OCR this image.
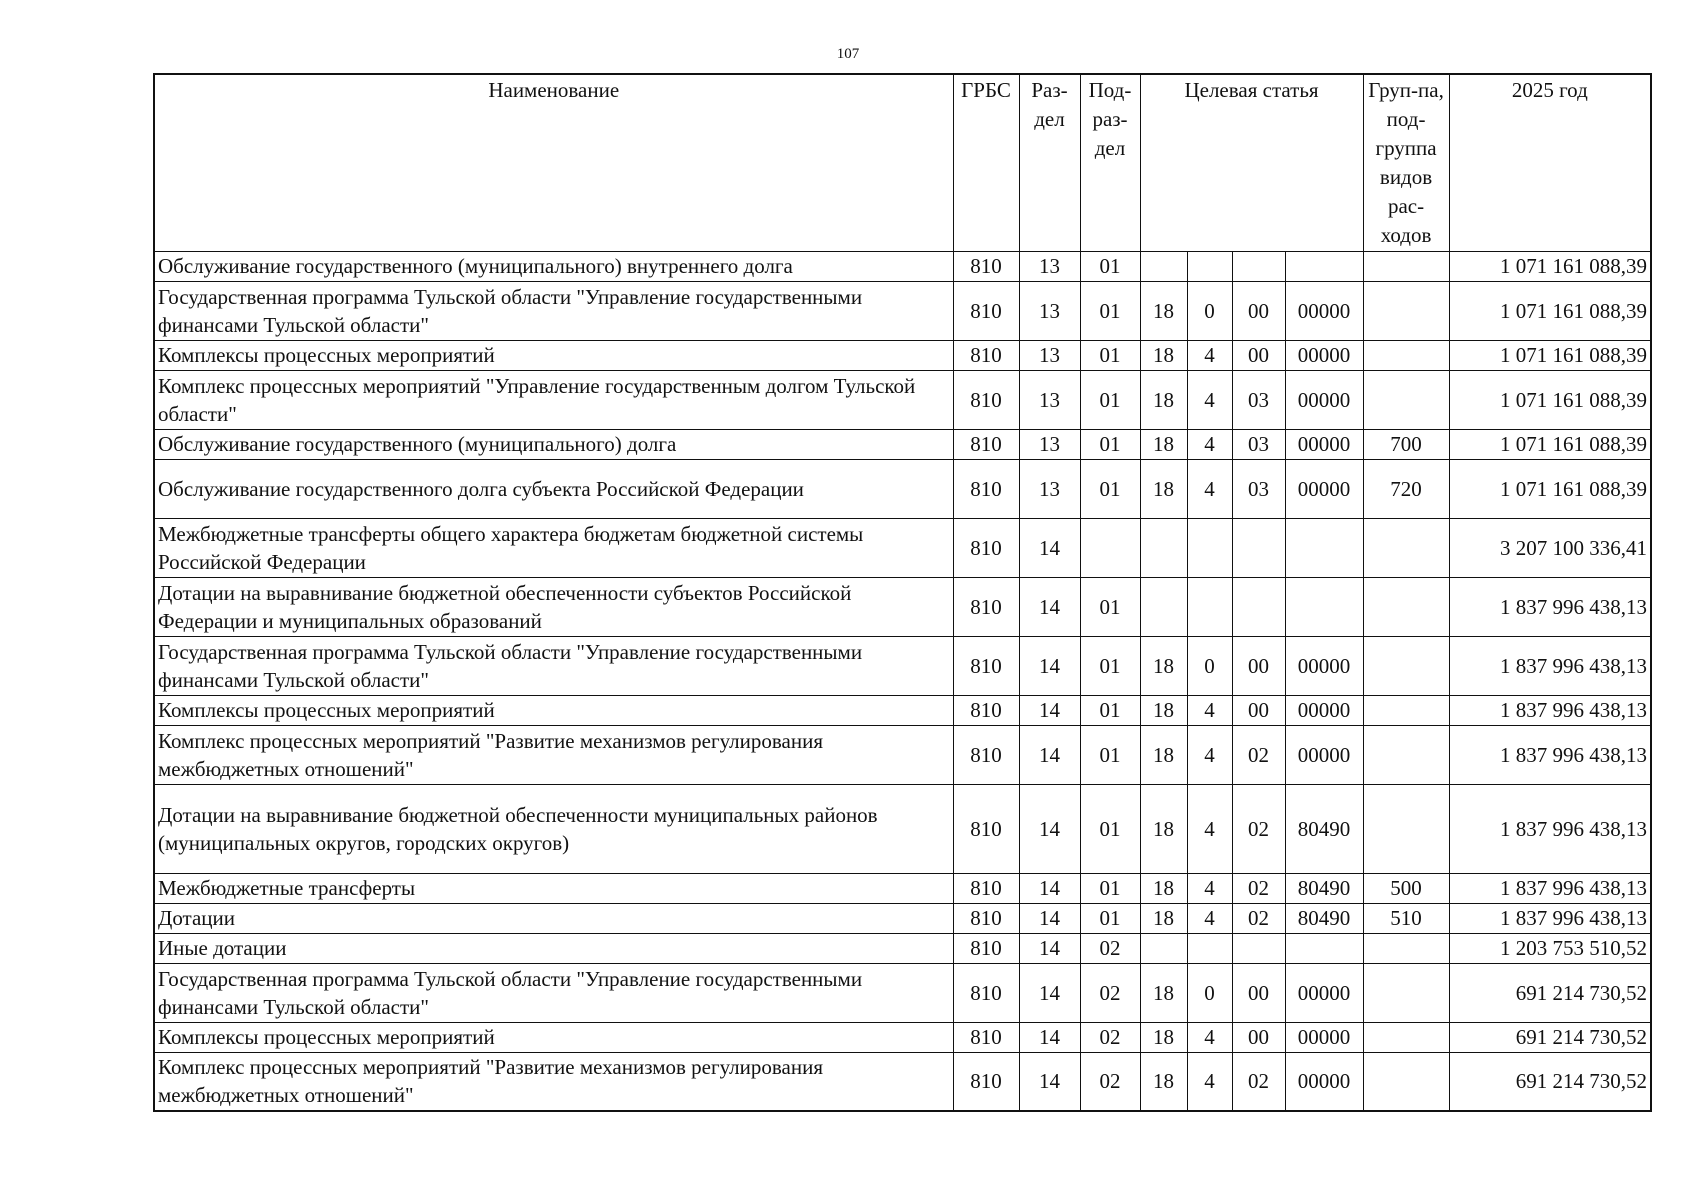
107
Наименование	ГРБС	Раз-дел	Под-раз-дел	Целевая статья				Груп-па, под-группа видов рас-ходов	2025 год
Обслуживание государственного (муниципального) внутреннего долга	810	13	01						1 071 161 088,39
Государственная программа Тульской области "Управление государственными финансами Тульской области"	810	13	01	18	0	00	00000		1 071 161 088,39
Комплексы процессных мероприятий	810	13	01	18	4	00	00000		1 071 161 088,39
Комплекс процессных мероприятий "Управление государственным долгом Тульской области"	810	13	01	18	4	03	00000		1 071 161 088,39
Обслуживание государственного (муниципального) долга	810	13	01	18	4	03	00000	700	1 071 161 088,39
Обслуживание государственного долга субъекта Российской Федерации	810	13	01	18	4	03	00000	720	1 071 161 088,39
Межбюджетные трансферты общего характера бюджетам бюджетной системы Российской Федерации	810	14							3 207 100 336,41
Дотации на выравнивание бюджетной обеспеченности субъектов Российской Федерации и муниципальных образований	810	14	01						1 837 996 438,13
Государственная программа Тульской области "Управление государственными финансами Тульской области"	810	14	01	18	0	00	00000		1 837 996 438,13
Комплексы процессных мероприятий	810	14	01	18	4	00	00000		1 837 996 438,13
Комплекс процессных мероприятий "Развитие механизмов регулирования межбюджетных отношений"	810	14	01	18	4	02	00000		1 837 996 438,13
Дотации на выравнивание бюджетной обеспеченности муниципальных районов (муниципальных округов, городских округов)	810	14	01	18	4	02	80490		1 837 996 438,13
Межбюджетные трансферты	810	14	01	18	4	02	80490	500	1 837 996 438,13
Дотации	810	14	01	18	4	02	80490	510	1 837 996 438,13
Иные дотации	810	14	02						1 203 753 510,52
Государственная программа Тульской области "Управление государственными финансами Тульской области"	810	14	02	18	0	00	00000		691 214 730,52
Комплексы процессных мероприятий	810	14	02	18	4	00	00000		691 214 730,52
Комплекс процессных мероприятий "Развитие механизмов регулирования межбюджетных отношений"	810	14	02	18	4	02	00000		691 214 730,52
